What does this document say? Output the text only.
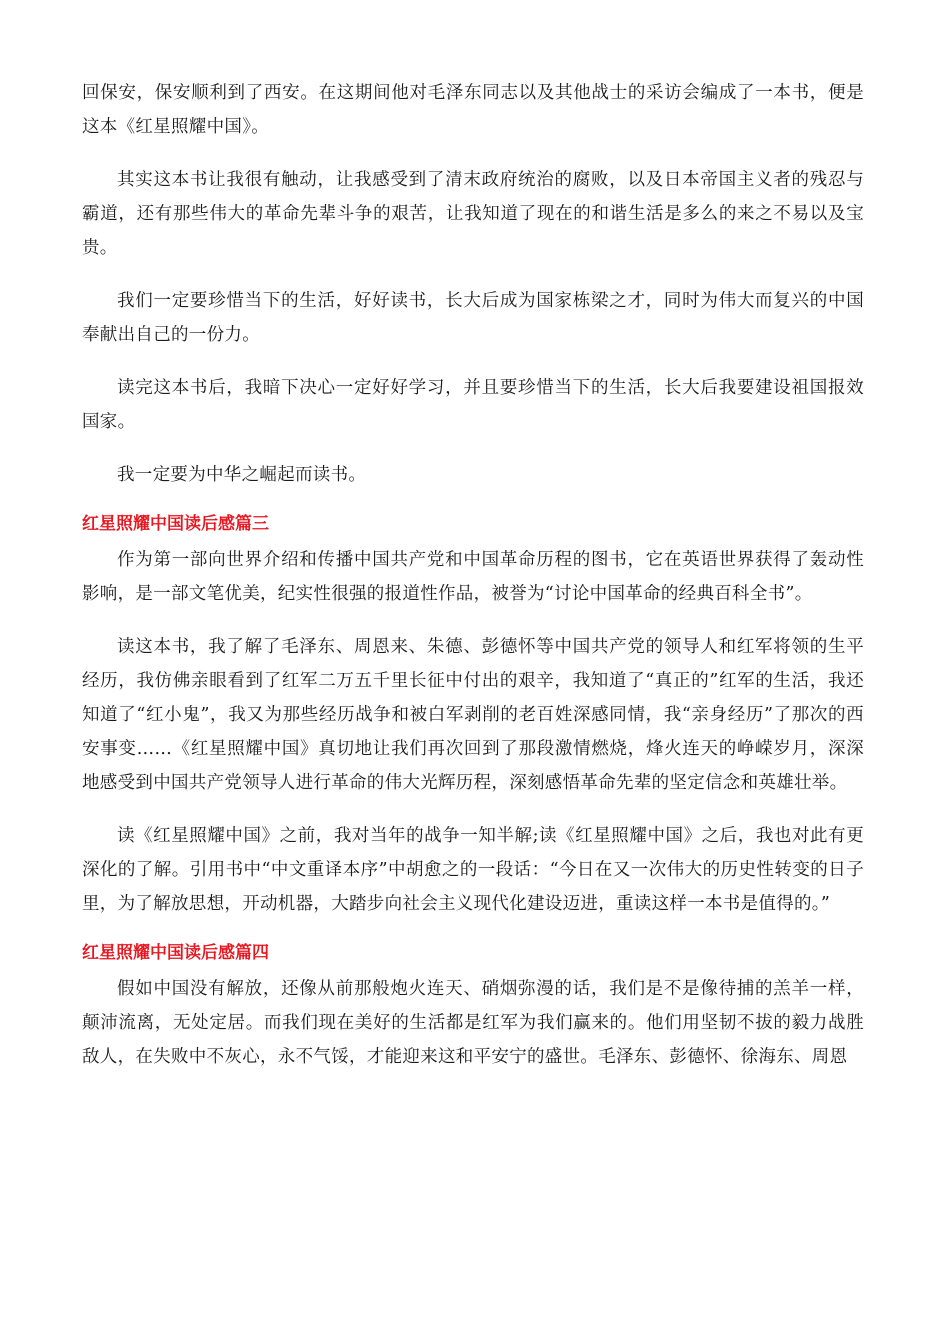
回保安，保安顺利到了西安。在这期间他对毛泽东同志以及其他战士的采访会编成了一本书，便是这本《红星照耀中国》。

其实这本书让我很有触动，让我感受到了清末政府统治的腐败，以及日本帝国主义者的残忍与霸道，还有那些伟大的革命先辈斗争的艰苦，让我知道了现在的和谐生活是多么的来之不易以及宝贵。

我们一定要珍惜当下的生活，好好读书，长大后成为国家栋梁之才，同时为伟大而复兴的中国奉献出自己的一份力。

读完这本书后，我暗下决心一定好好学习，并且要珍惜当下的生活，长大后我要建设祖国报效国家。

我一定要为中华之崛起而读书。

红星照耀中国读后感篇三

作为第一部向世界介绍和传播中国共产党和中国革命历程的图书，它在英语世界获得了轰动性影响，是一部文笔优美，纪实性很强的报道性作品，被誉为“讨论中国革命的经典百科全书”。

读这本书，我了解了毛泽东、周恩来、朱德、彭德怀等中国共产党的领导人和红军将领的生平经历，我仿佛亲眼看到了红军二万五千里长征中付出的艰辛，我知道了“真正的”红军的生活，我还知道了“红小鬼”，我又为那些经历战争和被白军剥削的老百姓深感同情，我“亲身经历”了那次的西安事变……《红星照耀中国》真切地让我们再次回到了那段激情燃烧，烽火连天的峥嵘岁月，深深地感受到中国共产党领导人进行革命的伟大光辉历程，深刻感悟革命先辈的坚定信念和英雄壮举。

读《红星照耀中国》之前，我对当年的战争一知半解;读《红星照耀中国》之后，我也对此有更深化的了解。引用书中“中文重译本序”中胡愈之的一段话：“今日在又一次伟大的历史性转变的日子里，为了解放思想，开动机器，大踏步向社会主义现代化建设迈进，重读这样一本书是值得的。”

红星照耀中国读后感篇四

假如中国没有解放，还像从前那般炮火连天、硝烟弥漫的话，我们是不是像待捕的羔羊一样，颠沛流离，无处定居。而我们现在美好的生活都是红军为我们赢来的。他们用坚韧不拔的毅力战胜敌人，在失败中不灰心，永不气馁，才能迎来这和平安宁的盛世。毛泽东、彭德怀、徐海东、周恩
